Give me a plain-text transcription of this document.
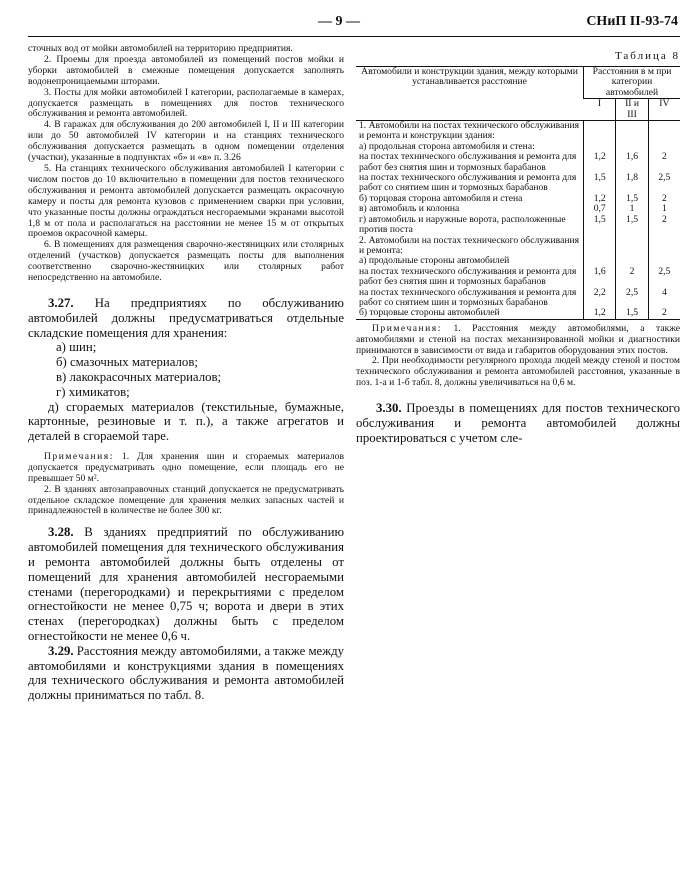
— 9 —	СНиП II-93-74

сточных вод от мойки автомобилей на территорию предприятия.

2. Проемы для проезда автомобилей из помещений постов мойки и уборки автомобилей в смежные помещения допускается заполнять водонепроницаемыми шторами.

3. Посты для мойки автомобилей I категории, располагаемые в камерах, допускается размещать в помещениях для постов технического обслуживания и ремонта автомобилей.

4. В гаражах для обслуживания до 200 автомобилей I, II и III категории или до 50 автомобилей IV категории и на станциях технического обслуживания допускается размещать в одном помещении отделения (участки), указанные в подпунктах «б» и «в» п. 3.26

5. На станциях технического обслуживания автомобилей I категории с числом постов до 10 включительно в помещении для постов технического обслуживания и ремонта автомобилей допускается размещать окрасочную камеру и посты для ремонта кузовов с применением сварки при условии, что указанные посты должны ограждаться несгораемыми экранами высотой 1,8 м от пола и располагаться на расстоянии не менее 15 м от открытых проемов окрасочной камеры.

6. В помещениях для размещения сварочно-жестяницких или столярных отделений (участков) допускается размещать посты для выполнения соответственно сварочно-жестяницких или столярных работ непосредственно на автомобиле.

3.27. На предприятиях по обслуживанию автомобилей должны предусматриваться отдельные складские помещения для хранения:

а) шин;

б) смазочных материалов;

в) лакокрасочных материалов;

г) химикатов;

д) сгораемых материалов (текстильные, бумажные, картонные, резиновые и т. п.), а также агрегатов и деталей в сгораемой таре.

Примечания: 1. Для хранения шин и сгораемых материалов допускается предусматривать одно помещение, если площадь его не превышает 50 м².

2. В зданиях автозаправочных станций допускается не предусматривать отдельное складское помещение для хранения мелких запасных частей и принадлежностей в количестве не более 300 кг.

3.28. В зданиях предприятий по обслуживанию автомобилей помещения для технического обслуживания и ремонта автомобилей должны быть отделены от помещений для хранения автомобилей несгораемыми стенами (перегородками) и перекрытиями с пределом огнестойкости не менее 0,75 ч; ворота и двери в этих стенах (перегородках) должны быть с пределом огнестойкости не менее 0,6 ч.

3.29. Расстояния между автомобилями, а также между автомобилями и конструкциями здания в помещениях для технического обслуживания и ремонта автомобилей должны приниматься по табл. 8.

Таблица 8
Автомобили и конструкции здания, между которыми устанавливается расстояние	Расстояния в м при категории автомобилей		
	I	II и III	IV
1. Автомобили на постах технического обслуживания и ремонта и конструкции здания:			
а) продольная сторона автомобиля и стена:			
на постах технического обслуживания и ремонта для работ без снятия шин и тормозных барабанов	1,2	1,6	2
на постах технического обслуживания и ремонта для работ со снятием шин и тормозных барабанов	1,5	1,8	2,5
б) торцовая сторона автомобиля и стена	1,2	1,5	2
в) автомобиль и колонна	0,7	1	1
г) автомобиль и наружные ворота, расположенные против поста	1,5	1,5	2
2. Автомобили на постах технического обслуживания и ремонта:			
а) продольные стороны автомобилей			
на постах технического обслуживания и ремонта для работ без снятия шин и тормозных барабанов	1,6	2	2,5
на постах технического обслуживания и ремонта для работ со снятием шин и тормозных барабанов	2,2	2,5	4
б) торцовые стороны автомобилей	1,2	1,5	2

Примечания: 1. Расстояния между автомобилями, а также автомобилями и стеной на постах механизированной мойки и диагностики принимаются в зависимости от вида и габаритов оборудования этих постов.

2. При необходимости регулярного прохода людей между стеной и постом технического обслуживания и ремонта автомобилей расстояния, указанные в поз. 1-а и 1-б табл. 8, должны увеличиваться на 0,6 м.

3.30. Проезды в помещениях для постов технического обслуживания и ремонта автомобилей должны проектироваться с учетом сле-
